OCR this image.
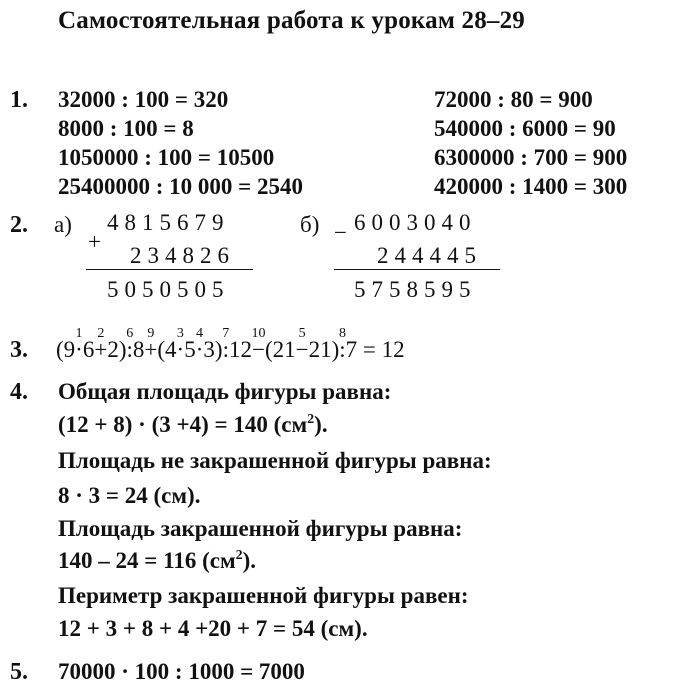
Самостоятельная работа к урокам 28–29
1. 32000 : 100 = 320
8000 : 100 = 8
1050000 : 100 = 10500
25400000 : 10 000 = 2540
72000 : 80 = 900
540000 : 6000 = 90
6300000 : 700 = 900
420000 : 1400 = 300
2. а)
+
4815679
234826
5050505
б) − 6003040
244445
5758595
3. (9·
1
6+
2
2):
6
8+
9
(4·
3
5·
4
3):
7
12−
10
(21−
5
21):
8
7 = 12
4. Общая площадь фигуры равна:
(12 + 8) · (3 +4) = 140 $(см^2)$.
Площадь не закрашенной фигуры равна:
8 · 3 = 24 (см).
Площадь закрашенной фигуры равна:
140 – 24 = 116 $(см^2)$.
Периметр закрашенной фигуры равен:
12 + 3 + 8 + 4 +20 + 7 = 54 (см).
5. 70000 · 100 : 1000 = 7000
